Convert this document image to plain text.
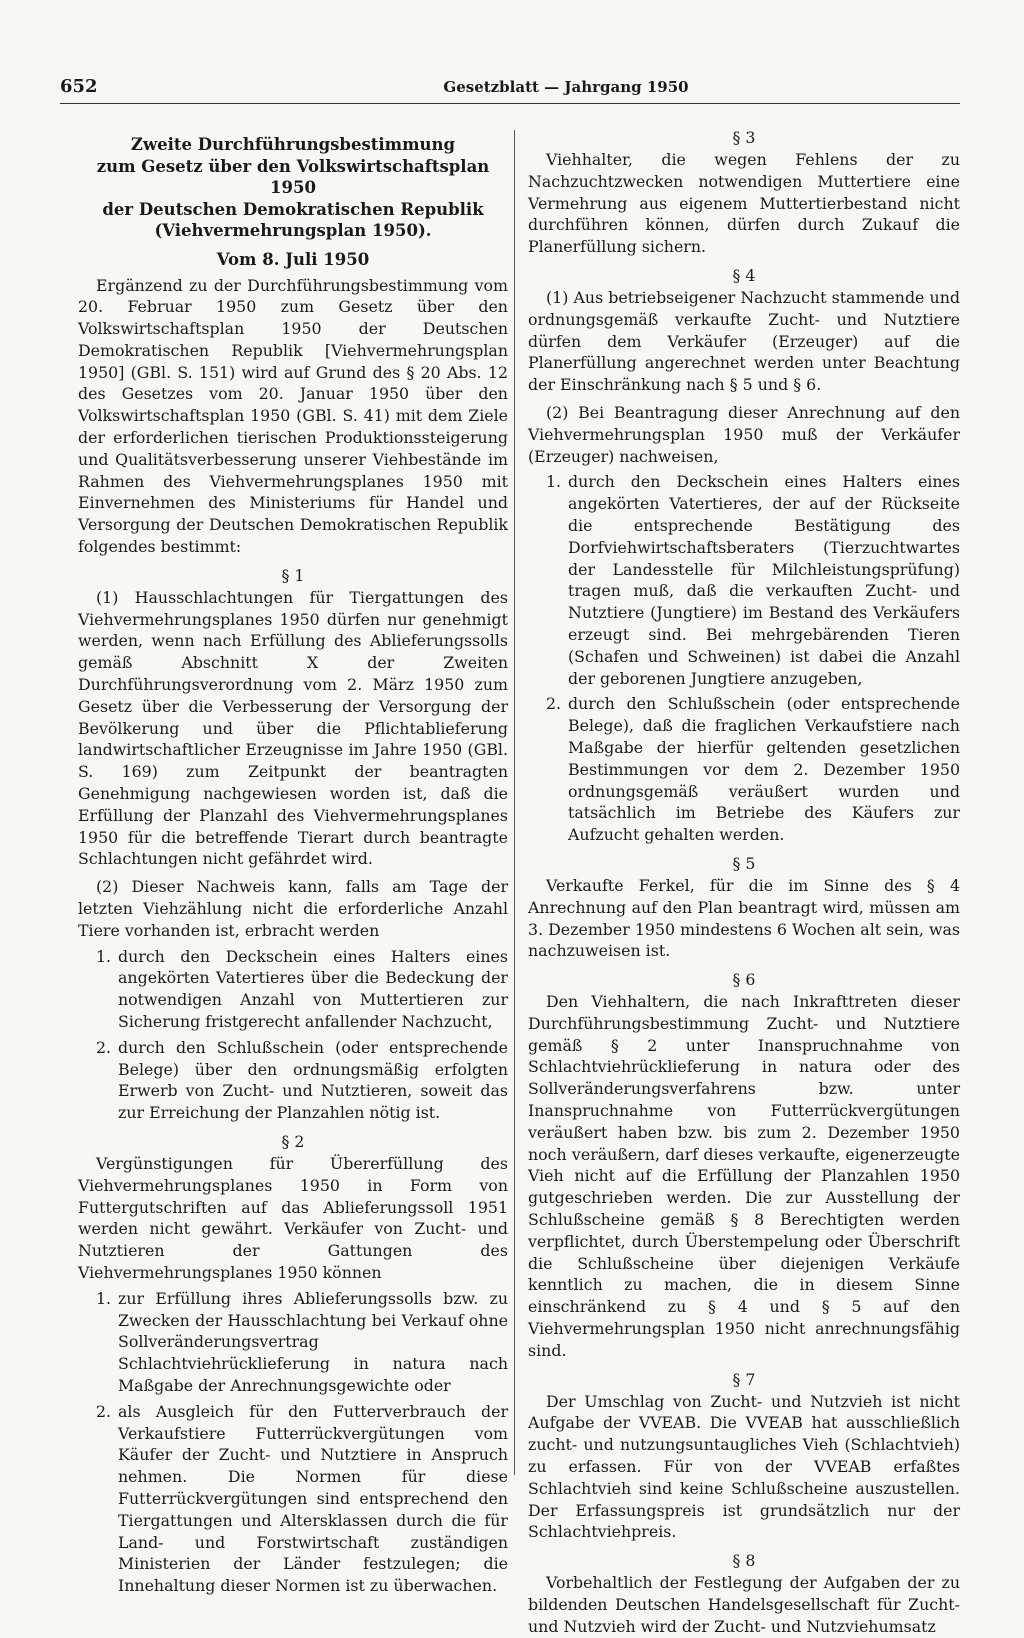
652	Gesetzblatt — Jahrgang 1950
Zweite Durchführungsbestimmung
zum Gesetz über den Volkswirtschaftsplan 1950
der Deutschen Demokratischen Republik
(Viehvermehrungsplan 1950).
Vom 8. Juli 1950

Ergänzend zu der Durchführungsbestimmung vom 20. Februar 1950 zum Gesetz über den Volkswirtschaftsplan 1950 der Deutschen Demokratischen Republik [Viehvermehrungsplan 1950] (GBl. S. 151) wird auf Grund des § 20 Abs. 12 des Gesetzes vom 20. Januar 1950 über den Volkswirtschaftsplan 1950 (GBl. S. 41) mit dem Ziele der erforderlichen tierischen Produktionssteigerung und Qualitätsverbesserung unserer Viehbestände im Rahmen des Viehvermehrungsplanes 1950 mit Einvernehmen des Ministeriums für Handel und Versorgung der Deutschen Demokratischen Republik folgendes bestimmt:

§ 1

(1) Hausschlachtungen für Tiergattungen des Viehvermehrungsplanes 1950 dürfen nur genehmigt werden, wenn nach Erfüllung des Ablieferungssolls gemäß Abschnitt X der Zweiten Durchführungsverordnung vom 2. März 1950 zum Gesetz über die Verbesserung der Versorgung der Bevölkerung und über die Pflichtablieferung landwirtschaftlicher Erzeugnisse im Jahre 1950 (GBl. S. 169) zum Zeitpunkt der beantragten Genehmigung nachgewiesen worden ist, daß die Erfüllung der Planzahl des Viehvermehrungsplanes 1950 für die betreffende Tierart durch beantragte Schlachtungen nicht gefährdet wird.

(2) Dieser Nachweis kann, falls am Tage der letzten Viehzählung nicht die erforderliche Anzahl Tiere vorhanden ist, erbracht werden

1. durch den Deckschein eines Halters eines angekörten Vatertieres über die Bedeckung der notwendigen Anzahl von Muttertieren zur Sicherung fristgerecht anfallender Nachzucht,
2. durch den Schlußschein (oder entsprechende Belege) über den ordnungsmäßig erfolgten Erwerb von Zucht- und Nutztieren, soweit das zur Erreichung der Planzahlen nötig ist.
§ 2

Vergünstigungen für Übererfüllung des Viehvermehrungsplanes 1950 in Form von Futtergutschriften auf das Ablieferungssoll 1951 werden nicht gewährt. Verkäufer von Zucht- und Nutztieren der Gattungen des Viehvermehrungsplanes 1950 können

1. zur Erfüllung ihres Ablieferungssolls bzw. zu Zwecken der Hausschlachtung bei Verkauf ohne Sollveränderungsvertrag Schlachtviehrücklieferung in natura nach Maßgabe der Anrechnungsgewichte oder
2. als Ausgleich für den Futterverbrauch der Verkaufstiere Futterrückvergütungen vom Käufer der Zucht- und Nutztiere in Anspruch nehmen. Die Normen für diese Futterrückvergütungen sind entsprechend den Tiergattungen und Altersklassen durch die für Land- und Forstwirtschaft zuständigen Ministerien der Länder festzulegen; die Innehaltung dieser Normen ist zu überwachen.
§ 3

Viehhalter, die wegen Fehlens der zu Nachzuchtzwecken notwendigen Muttertiere eine Vermehrung aus eigenem Muttertierbestand nicht durchführen können, dürfen durch Zukauf die Planerfüllung sichern.

§ 4

(1) Aus betriebseigener Nachzucht stammende und ordnungsgemäß verkaufte Zucht- und Nutztiere dürfen dem Verkäufer (Erzeuger) auf die Planerfüllung angerechnet werden unter Beachtung der Einschränkung nach § 5 und § 6.

(2) Bei Beantragung dieser Anrechnung auf den Viehvermehrungsplan 1950 muß der Verkäufer (Erzeuger) nachweisen,

1. durch den Deckschein eines Halters eines angekörten Vatertieres, der auf der Rückseite die entsprechende Bestätigung des Dorfviehwirtschaftsberaters (Tierzuchtwartes der Landesstelle für Milchleistungsprüfung) tragen muß, daß die verkauften Zucht- und Nutztiere (Jungtiere) im Bestand des Verkäufers erzeugt sind. Bei mehrgebärenden Tieren (Schafen und Schweinen) ist dabei die Anzahl der geborenen Jungtiere anzugeben,
2. durch den Schlußschein (oder entsprechende Belege), daß die fraglichen Verkaufstiere nach Maßgabe der hierfür geltenden gesetzlichen Bestimmungen vor dem 2. Dezember 1950 ordnungsgemäß veräußert wurden und tatsächlich im Betriebe des Käufers zur Aufzucht gehalten werden.
§ 5

Verkaufte Ferkel, für die im Sinne des § 4 Anrechnung auf den Plan beantragt wird, müssen am 3. Dezember 1950 mindestens 6 Wochen alt sein, was nachzuweisen ist.

§ 6

Den Viehhaltern, die nach Inkrafttreten dieser Durchführungsbestimmung Zucht- und Nutztiere gemäß § 2 unter Inanspruchnahme von Schlachtviehrücklieferung in natura oder des Sollveränderungsverfahrens bzw. unter Inanspruchnahme von Futterrückvergütungen veräußert haben bzw. bis zum 2. Dezember 1950 noch veräußern, darf dieses verkaufte, eigenerzeugte Vieh nicht auf die Erfüllung der Planzahlen 1950 gutgeschrieben werden. Die zur Ausstellung der Schlußscheine gemäß § 8 Berechtigten werden verpflichtet, durch Überstempelung oder Überschrift die Schlußscheine über diejenigen Verkäufe kenntlich zu machen, die in diesem Sinne einschränkend zu § 4 und § 5 auf den Viehvermehrungsplan 1950 nicht anrechnungsfähig sind.

§ 7

Der Umschlag von Zucht- und Nutzvieh ist nicht Aufgabe der VVEAB. Die VVEAB hat ausschließlich zucht- und nutzungsuntaugliches Vieh (Schlachtvieh) zu erfassen. Für von der VVEAB erfaßtes Schlachtvieh sind keine Schlußscheine auszustellen. Der Erfassungspreis ist grundsätzlich nur der Schlachtviehpreis.

§ 8

Vorbehaltlich der Festlegung der Aufgaben der zu bildenden Deutschen Handelsgesellschaft für Zucht- und Nutzvieh wird der Zucht- und Nutzviehumsatz
